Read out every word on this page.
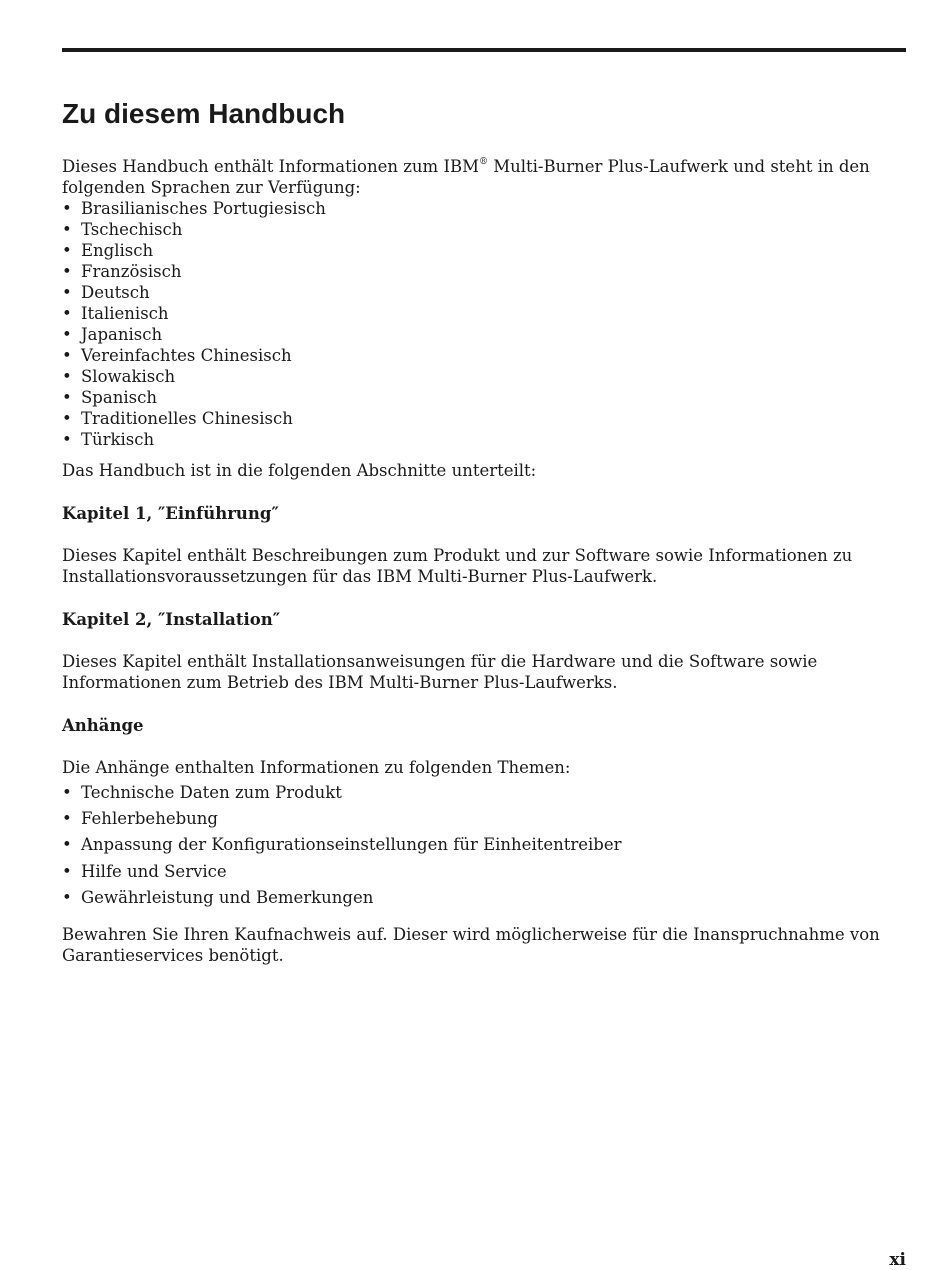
Zu diesem Handbuch

Dieses Handbuch enthält Informationen zum IBM® Multi-Burner Plus-Laufwerk und steht in den folgenden Sprachen zur Verfügung:

• Brasilianisches Portugiesisch
• Tschechisch
• Englisch
• Französisch
• Deutsch
• Italienisch
• Japanisch
• Vereinfachtes Chinesisch
• Slowakisch
• Spanisch
• Traditionelles Chinesisch
• Türkisch

Das Handbuch ist in die folgenden Abschnitte unterteilt:

Kapitel 1, ″Einführung″

Dieses Kapitel enthält Beschreibungen zum Produkt und zur Software sowie Informationen zu Installationsvoraussetzungen für das IBM Multi-Burner Plus-Laufwerk.

Kapitel 2, ″Installation″

Dieses Kapitel enthält Installationsanweisungen für die Hardware und die Software sowie Informationen zum Betrieb des IBM Multi-Burner Plus-Laufwerks.

Anhänge

Die Anhänge enthalten Informationen zu folgenden Themen:

• Technische Daten zum Produkt
• Fehlerbehebung
• Anpassung der Konfigurationseinstellungen für Einheitentreiber
• Hilfe und Service
• Gewährleistung und Bemerkungen

Bewahren Sie Ihren Kaufnachweis auf. Dieser wird möglicherweise für die Inanspruchnahme von Garantieservices benötigt.

xi
